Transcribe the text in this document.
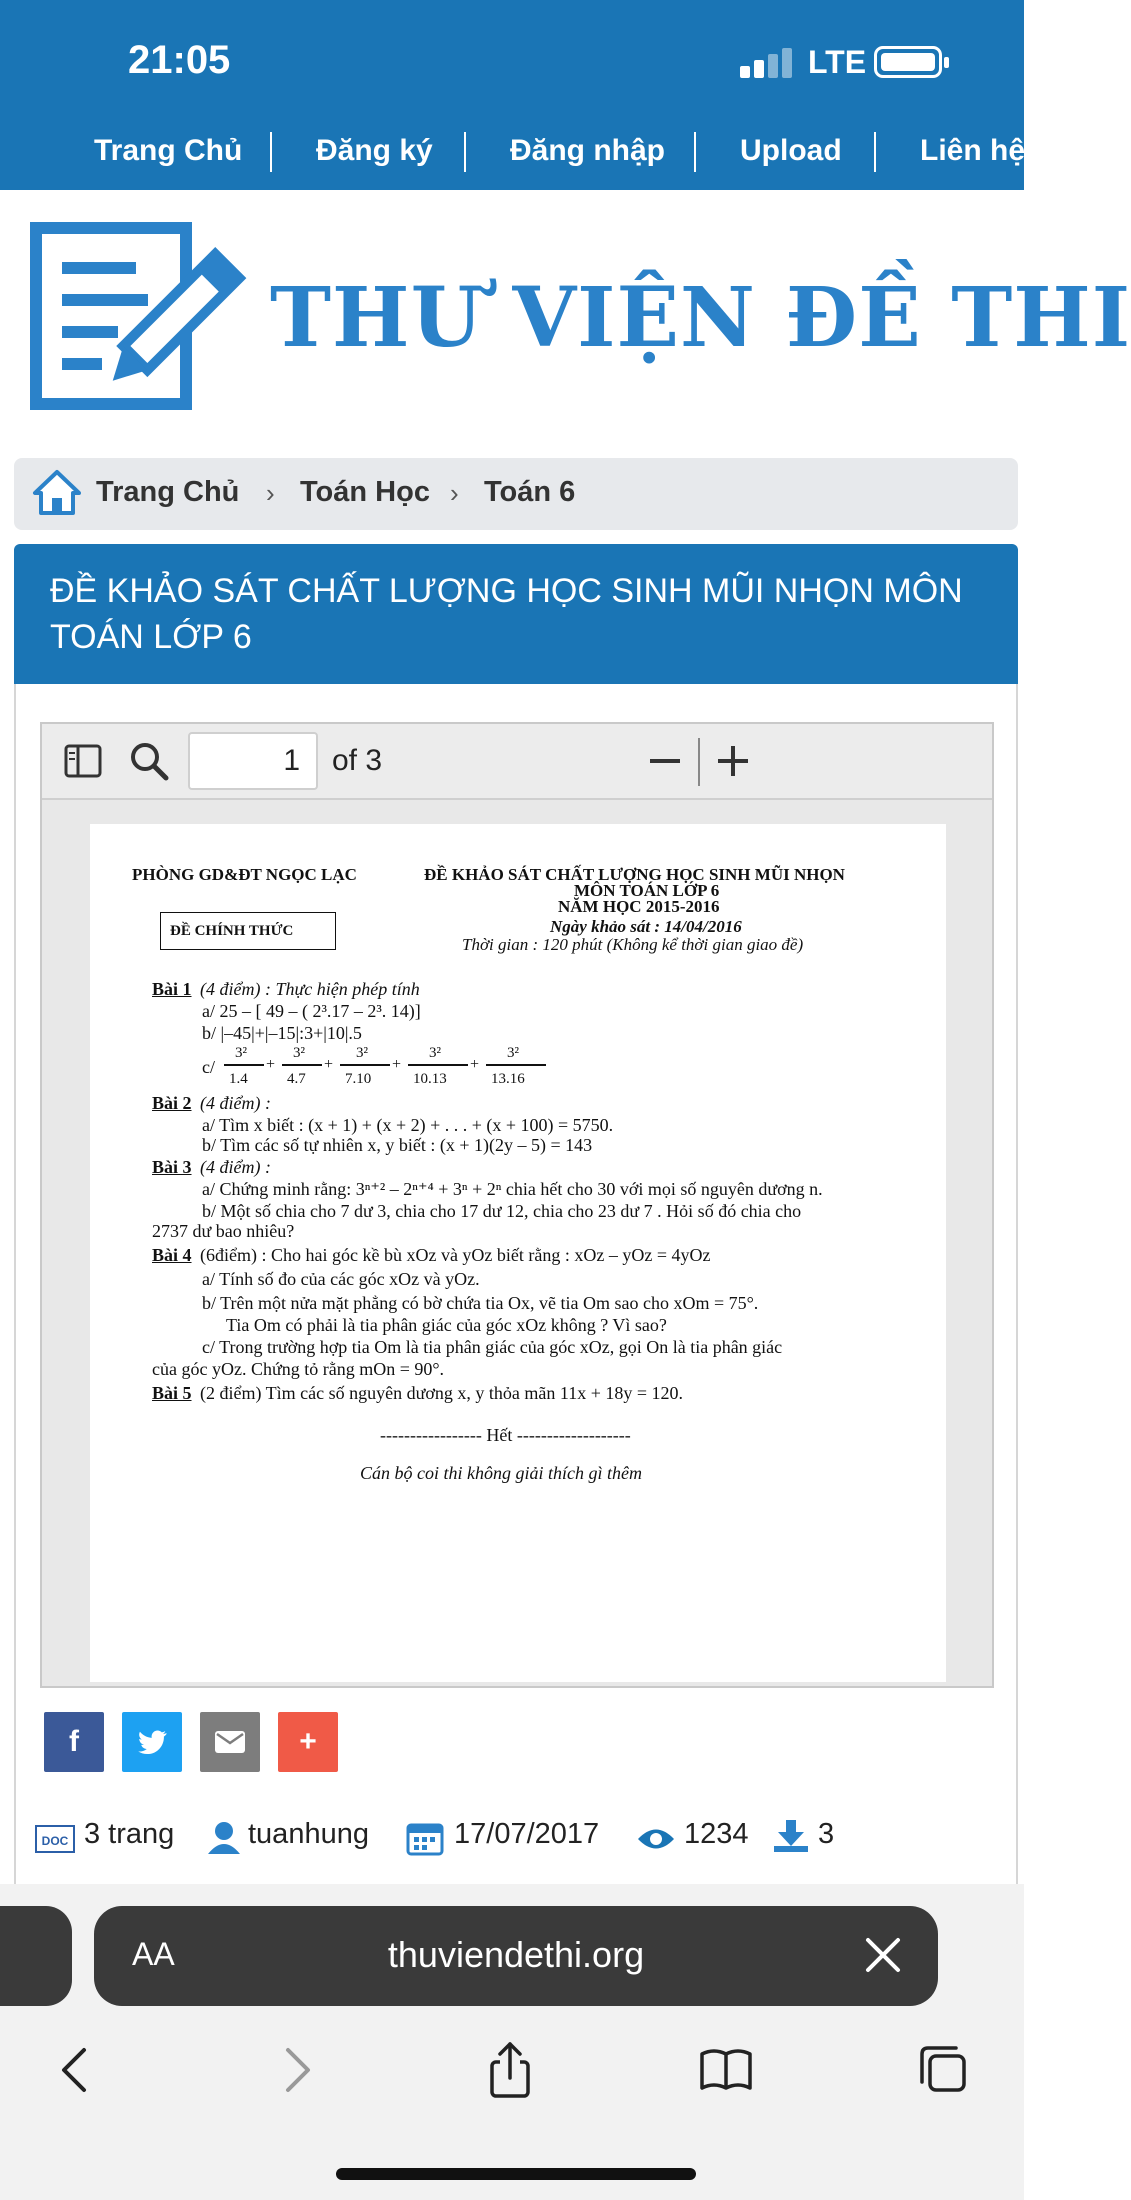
21:05	LTE
Trang Chủ Đăng ký	Đăng nhập	Upload	Liên hệ
THƯ VIỆN ĐỀ THI
Trang Chủ › Toán Học › Toán 6
ĐỀ KHẢO SÁT CHẤT LƯỢNG HỌC SINH MŨI NHỌN MÔN TOÁN LỚP 6
1	of 3
PHÒNG GD&ĐT NGỌC LẠC
ĐỀ CHÍNH THỨC
ĐỀ KHẢO SÁT CHẤT LƯỢNG HỌC SINH MŨI NHỌN
MÔN TOÁN LỚP 6
NĂM HỌC 2015-2016
Ngày khảo sát : 14/04/2016
Thời gian : 120 phút (Không kể thời gian giao đề)
Bài 1 (4 điểm) : Thực hiện phép tính
a/ 25 – [ 49 – ( 2³.17 – 2³. 14)]
b/ |–45|+|–15|:3+|10|.5
c/
3²
1.4
+
3²
4.7
+
3²
7.10
+
3²
10.13
+
3²
13.16
Bài 2 (4 điểm) :
a/ Tìm x biết : (x + 1) + (x + 2) + . . . + (x + 100) = 5750.
b/ Tìm các số tự nhiên x, y biết : (x + 1)(2y – 5) = 143
Bài 3 (4 điểm) :
a/ Chứng minh rằng: 3ⁿ⁺² – 2ⁿ⁺⁴ + 3ⁿ + 2ⁿ chia hết cho 30 với mọi số nguyên dương n.
b/ Một số chia cho 7 dư 3, chia cho 17 dư 12, chia cho 23 dư 7 . Hỏi số đó chia cho
2737 dư bao nhiêu?
Bài 4 (6điểm) : Cho hai góc kề bù xOz và yOz biết rằng : xOz – yOz = 4yOz
a/ Tính số đo của các góc xOz và yOz.
b/ Trên một nửa mặt phẳng có bờ chứa tia Ox, vẽ tia Om sao cho xOm = 75°.
Tia Om có phải là tia phân giác của góc xOz không ? Vì sao?
c/ Trong trường hợp tia Om là tia phân giác của góc xOz, gọi On là tia phân giác
của góc yOz. Chứng tỏ rằng mOn = 90°.
Bài 5 (2 điểm) Tìm các số nguyên dương x, y thỏa mãn 11x + 18y = 120.
----------------- Hết -------------------
Cán bộ coi thi không giải thích gì thêm
f	+
DOC 3 trang	tuanhung	17/07/2017	1234 3
AA	thuviendethi.org
